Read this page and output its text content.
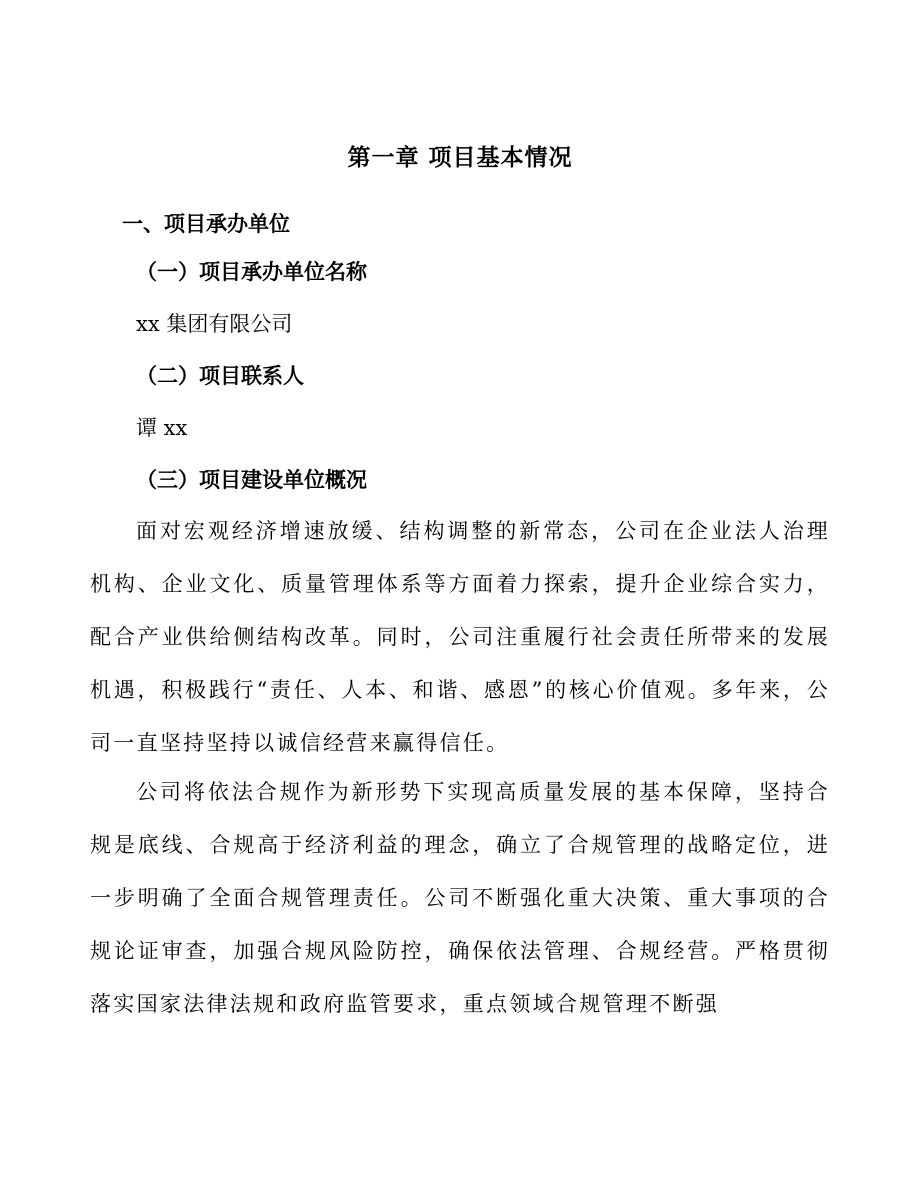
第一章 项目基本情况
一、项目承办单位
（一）项目承办单位名称
xx 集团有限公司
（二）项目联系人
谭 xx
（三）项目建设单位概况

面对宏观经济增速放缓、结构调整的新常态，公司在企业法人治理机构、企业文化、质量管理体系等方面着力探索，提升企业综合实力，配合产业供给侧结构改革。同时，公司注重履行社会责任所带来的发展机遇，积极践行“责任、人本、和谐、感恩”的核心价值观。多年来，公司一直坚持坚持以诚信经营来赢得信任。

公司将依法合规作为新形势下实现高质量发展的基本保障，坚持合规是底线、合规高于经济利益的理念，确立了合规管理的战略定位，进一步明确了全面合规管理责任。公司不断强化重大决策、重大事项的合规论证审查，加强合规风险防控，确保依法管理、合规经营。严格贯彻落实国家法律法规和政府监管要求，重点领域合规管理不断强
